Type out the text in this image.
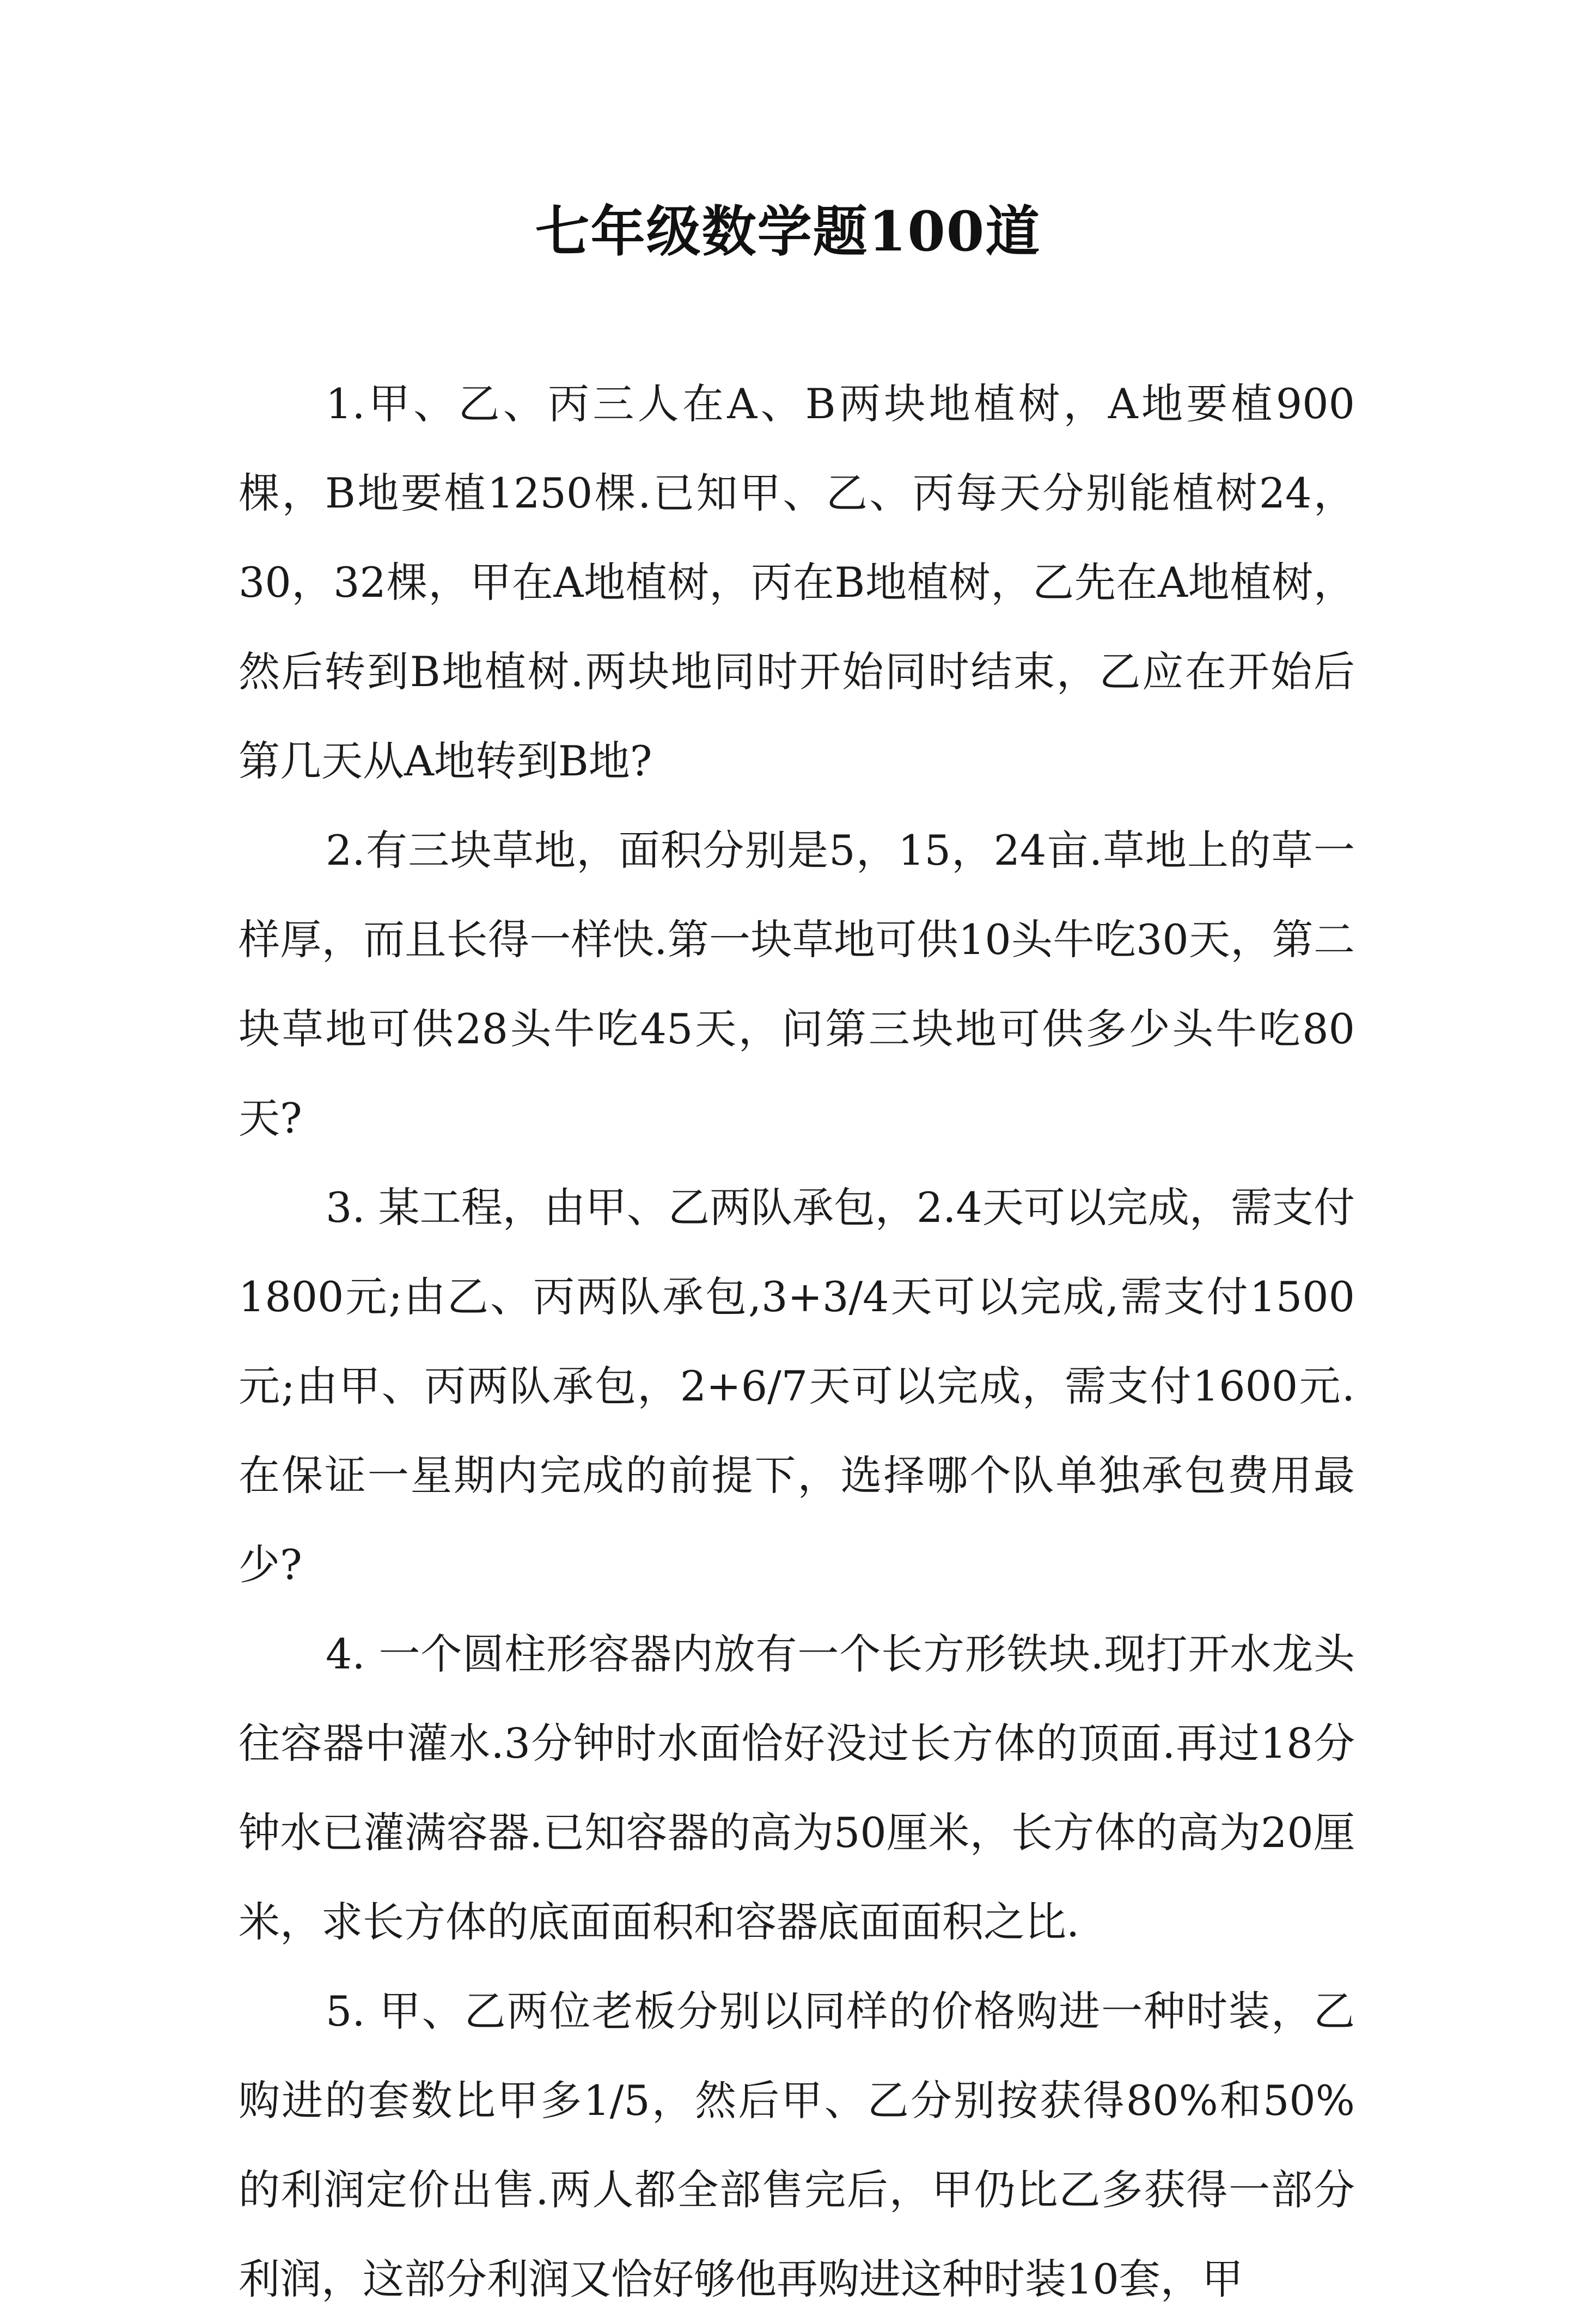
七年级数学题100道

1.甲、乙、丙三人在A、B两块地植树，A地要植900棵，B地要植1250棵.已知甲、乙、丙每天分别能植树24，30，32棵，甲在A地植树，丙在B地植树，乙先在A地植树，然后转到B地植树.两块地同时开始同时结束，乙应在开始后第几天从A地转到B地?

2.有三块草地，面积分别是5，15，24亩.草地上的草一样厚，而且长得一样快.第一块草地可供10头牛吃30天，第二块草地可供28头牛吃45天，问第三块地可供多少头牛吃80天?

3. 某工程，由甲、乙两队承包，2.4天可以完成，需支付1800元;由乙、丙两队承包,3+3/4天可以完成,需支付1500元;由甲、丙两队承包，2+6/7天可以完成，需支付1600元.在保证一星期内完成的前提下，选择哪个队单独承包费用最少?

4. 一个圆柱形容器内放有一个长方形铁块.现打开水龙头往容器中灌水.3分钟时水面恰好没过长方体的顶面.再过18分钟水已灌满容器.已知容器的高为50厘米，长方体的高为20厘米，求长方体的底面面积和容器底面面积之比.

5. 甲、乙两位老板分别以同样的价格购进一种时装，乙购进的套数比甲多1/5，然后甲、乙分别按获得80%和50%的利润定价出售.两人都全部售完后，甲仍比乙多获得一部分利润，这部分利润又恰好够他再购进这种时装10套，甲
